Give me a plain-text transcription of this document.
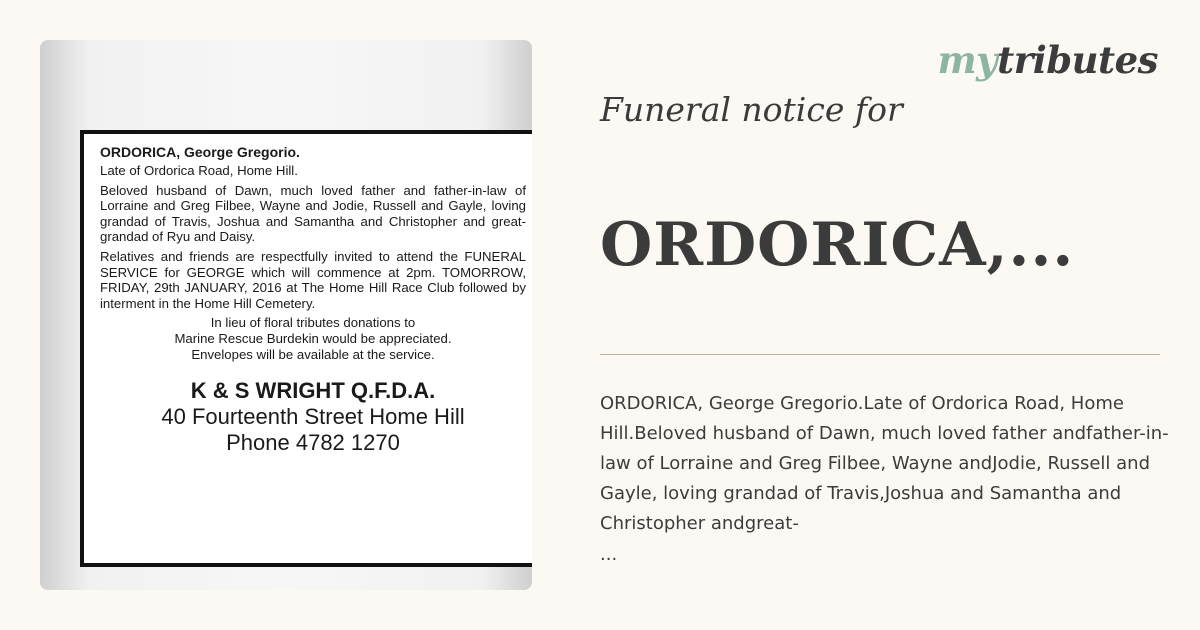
ORDORICA, George Gregorio.

Late of Ordorica Road, Home Hill.

Beloved husband of Dawn, much loved father and father-in-law of Lorraine and Greg Filbee, Wayne and Jodie, Russell and Gayle, loving grandad of Travis, Joshua and Samantha and Christopher and great-grandad of Ryu and Daisy.

Relatives and friends are respectfully invited to attend the FUNERAL SERVICE for GEORGE which will commence at 2pm. TOMORROW, FRIDAY, 29th JANUARY, 2016 at The Home Hill Race Club followed by interment in the Home Hill Cemetery.

In lieu of floral tributes donations to

Marine Rescue Burdekin would be appreciated.

Envelopes will be available at the service.

K & S WRIGHT Q.F.D.A.
40 Fourteenth Street Home Hill
Phone 4782 1270
mytributes
Funeral notice for
ORDORICA,...

ORDORICA, George Gregorio.Late of Ordorica Road, Home Hill.Beloved husband of Dawn, much loved father andfather-in-law of Lorraine and Greg Filbee, Wayne andJodie, Russell and Gayle, loving grandad of Travis,Joshua and Samantha and Christopher andgreat-

...
